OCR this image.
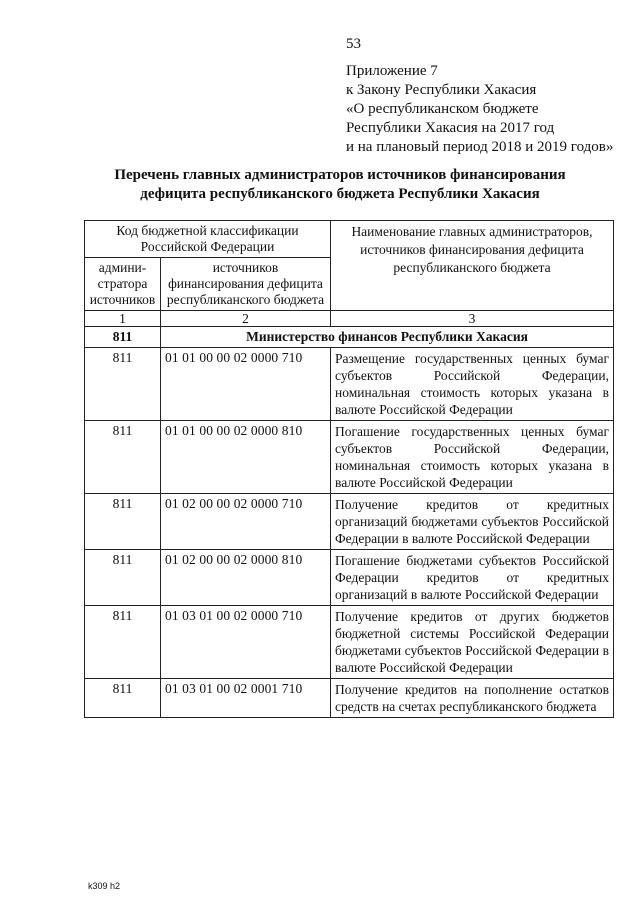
53
Приложение 7
к Закону Республики Хакасия
«О республиканском бюджете
Республики Хакасия на 2017 год
и на плановый период 2018 и 2019 годов»
Перечень главных администраторов источников финансирования
дефицита республиканского бюджета Республики Хакасия
Код бюджетной классификации Российской Федерации		Наименование главных администраторов, источников финансирования дефицита республиканского бюджета
админи-стратора источников	источников финансирования дефицита республиканского бюджета	
1	2	3
811	Министерство финансов Республики Хакасия	
811	01 01 00 00 02 0000 710	Размещение государственных ценных бумаг субъектов Российской Федерации, номинальная стоимость которых указана в валюте Российской Федерации
811	01 01 00 00 02 0000 810	Погашение государственных ценных бумаг субъектов Российской Федерации, номинальная стоимость которых указана в валюте Российской Федерации
811	01 02 00 00 02 0000 710	Получение кредитов от кредитных организаций бюджетами субъектов Российской Федерации в валюте Российской Федерации
811	01 02 00 00 02 0000 810	Погашение бюджетами субъектов Российской Федерации кредитов от кредитных организаций в валюте Российской Федерации
811	01 03 01 00 02 0000 710	Получение кредитов от других бюджетов бюджетной системы Российской Федерации бюджетами субъектов Российской Федерации в валюте Российской Федерации
811	01 03 01 00 02 0001 710	Получение кредитов на пополнение остатков средств на счетах республиканского бюджета
k309 h2
